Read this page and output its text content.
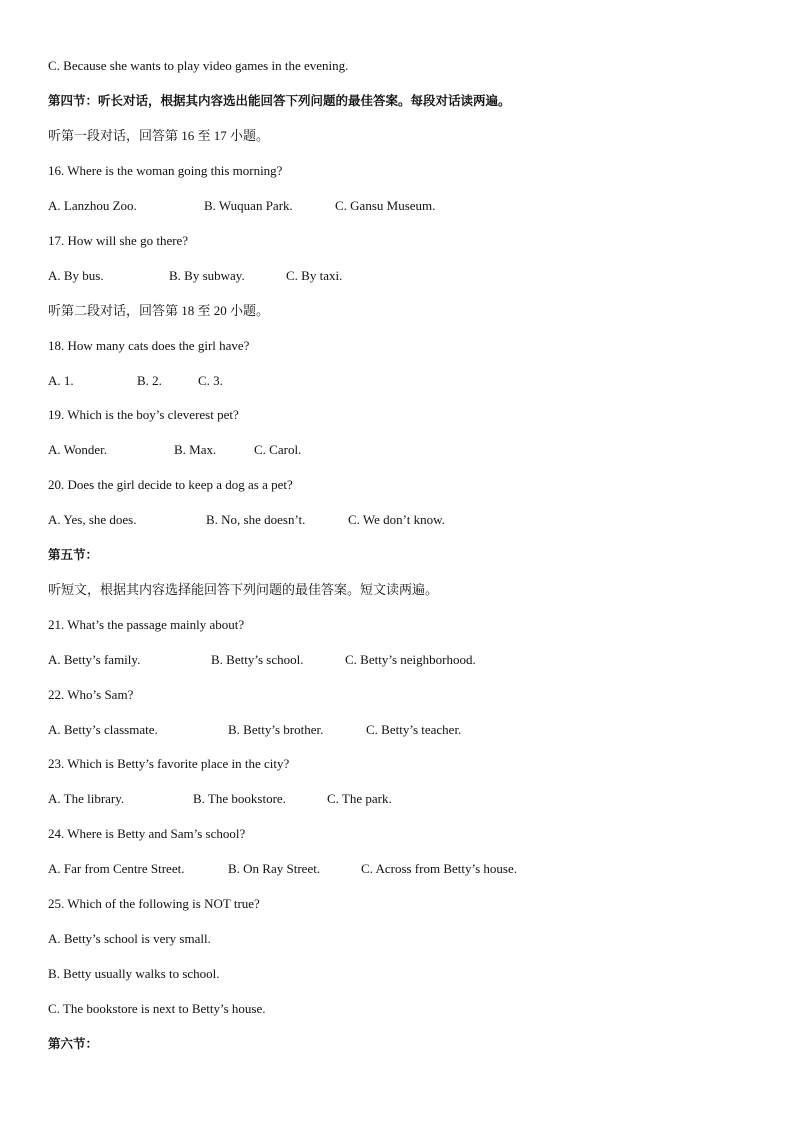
C. Because she wants to play video games in the evening.
第四节：听长对话，根据其内容选出能回答下列问题的最佳答案。每段对话读两遍。
听第一段对话，回答第 16 至 17 小题。
16. Where is the woman going this morning?
A. Lanzhou Zoo.	B. Wuquan Park.	C. Gansu Museum.
17. How will she go there?
A. By bus.	B. By subway.	C. By taxi.
听第二段对话，回答第 18 至 20 小题。
18. How many cats does the girl have?
A. 1.	B. 2.	C. 3.
19. Which is the boy’s cleverest pet?
A. Wonder.	B. Max.	C. Carol.
20. Does the girl decide to keep a dog as a pet?
A. Yes, she does.	B. No, she doesn’t.	C. We don’t know.
第五节：
听短文，根据其内容选择能回答下列问题的最佳答案。短文读两遍。
21. What’s the passage mainly about?
A. Betty’s family.	B. Betty’s school.	C. Betty’s neighborhood.
22. Who’s Sam?
A. Betty’s classmate.	B. Betty’s brother.	C. Betty’s teacher.
23. Which is Betty’s favorite place in the city?
A. The library.	B. The bookstore.	C. The park.
24. Where is Betty and Sam’s school?
A. Far from Centre Street.	B. On Ray Street.	C. Across from Betty’s house.
25. Which of the following is NOT true?
A. Betty’s school is very small.
B. Betty usually walks to school.
C. The bookstore is next to Betty’s house.
第六节：
